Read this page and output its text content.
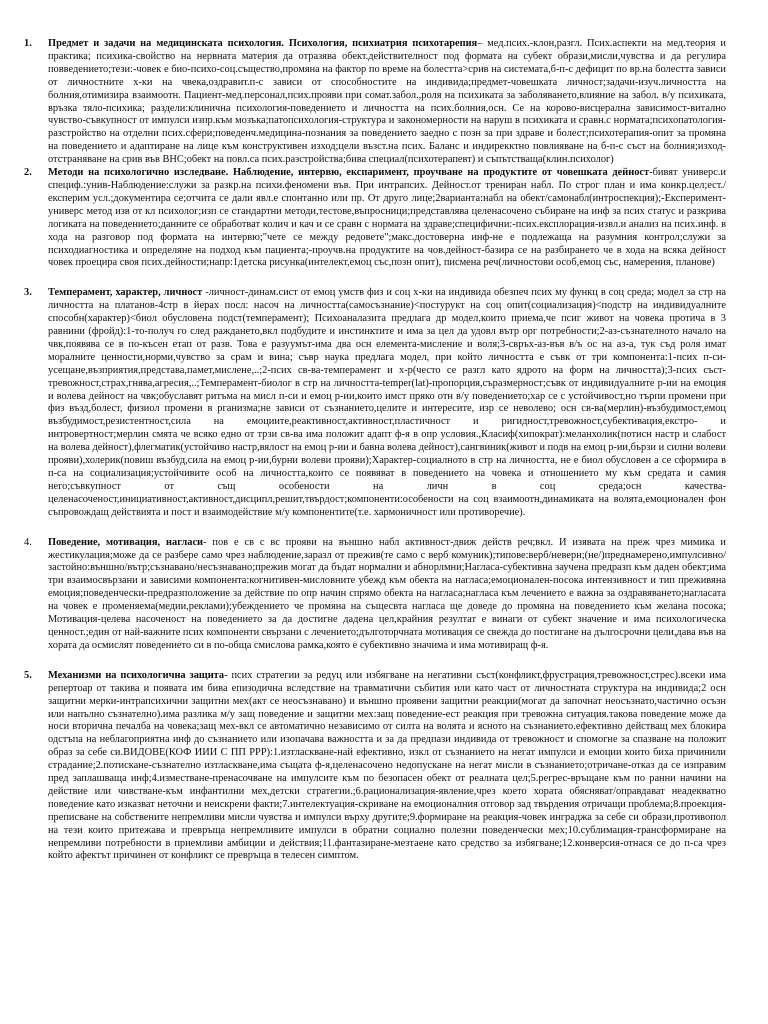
1.	Предмет и задачи на медицинската психология. Психология, психиатрия психотарепия– мед.псих.-клон,разгл. Псих.аспекти на мед.теория и практика; психика-свойство на нервната материя да отразява обект.действителност под формата на субект образи,мисли,чувства и да регулира повведението;тези:-човек е био-психо-соц.същество,промяна на фактор по време на болестта>срив на системата,б-п-с дефицит по вр.на болестта зависи от личностните х-ки на чвека,оздравит.п-с зависи от способностите на индивида;предмет-човешката личност;задачи-изуч.личността на болния,отимизира взаимоотн. Пациент-мед.персонал,псих.прояви при сомат.забол.,роля на психиката за заболяването,влияние на забол. в/у психиката, връзка тяло-психика; раздели:клинична психология-поведението и личността на псих.болния,осн. Се на корово-висцерална зависимост-витално чувство-съвкупност от импулси изпр.към мозъка;патопсихология-структура и закономерности на наруш в психиката и сравн.с нормата;психопатология-разстройство на отделни псих.сфери;поведенч.медицина-познания за поведението заедно с позн за при здраве и болест;психотерапия-опит за промяна на поведението и адаптиране на лице към конструктивен изход;цели възст.на псих. Баланс и индирекктно повлияване на б-п-с съст на болния;изход-отстраняване на срив във ВНС;обект на повл.са псих.разстройства;бива специал(психотерапевт) и съпътстваща(клин.психолог)
2.	Методи на психологично изследване. Наблюдение, интервю, експаримент, проучване на продуктите от човешката дейност-бивят универс.и специф.:унив-Наблюдение:служи за разкр.на психи.феномени във. При интрапсих. Дейност.от трениран набл. По строг план и има конкр.цел;ест./експерим усл.;документира се;отчита се дали явл.е спонтанно или пр. От друго лице;2варианта:набл на обект/самонабл(интроспекция);-Експеримент-универс метод изв от кл психолог;изп се стандартни методи,тестове,въпросници;представлява целенасочено събиране на инф за псих статус и разкрива логиката на поведението;данните се обработват колич и кач и се сравн с нормата на здраве;специфични:-псих.експлорация-извл.и анализ на псих.инф. в хода на разговор под формата на интервю;"чете се между редовете";макс.достоверна инф-не е подлежаща на разумния контрол;служи за психодиагностика и определяне на подход към пациента;-проучв.на продуктите на чов.дейност-базира се на разбирането че в хода на всяка дейност човек проецира своя псих.дейности;напр:1детска рисунка(интелект,емоц със,позн опит), писмена реч(личностови особ,емоц със, намерения, планове)
3.	Темперамент, характер, личност -личност-динам.сист от емоц умств физ и соц х-ки на индивида обезпеч псих му функц в соц среда; модел за стр на личността на платанов-4стр в йерах посл: насоч на личността(самосъзнание)<постурукт на соц опит(социализация)<подстр на индивидуалните способн(характер)<биол обусловена подст(темперамент); Психоаналазита предлага др модел,които приема,че псиг живот на човека протича в 3 равнини (фройд):1-то-получ го след раждането,вкл подбудите и инстинктите и има за цел да удовл вътр орг потребности;2-аз-съзнателното начало на чвк,появява се в по-късен етап от разв. Това е разуумът-има два осн елемента-мисление и воля;3-свръх-аз-във в/ъ ос на аз-а, тук съд роля имат моралните ценности,норми,чувство за срам и вина; съвр наука предлага модел, при който личността е съвк от три компонента:1-псих п-си-усещане,възприятия,представа,памет,мислене,..;2-псих св-ва-темперамент и х-р(често се разгл като ядрото на форм на личността);3-псих съст-тревожност,страх,гнява,агресия,..;Темперамент-биолог в стр на личността-temper(lat)-пропорция,съразмерност;съвк от индивидуалните р-ии на емоция и волева дейност на чвк;обуславят ритъма на мисл п-си и емоц р-ии,които имст пряко отн в/у поведението;хар се с устойчивост,но търпи промени при физ възд,болест, физиол промени в рганизма;не зависи от съзнанието,целите и интересите, изр се неволево; осн св-ва(мерлин)-възбудимост,емоц възбудимост,резистентност,сила на емоциите,реактивност,активност,пластичност и ригидност,тревожност,субективация,екстро- и интровертност;мерлин смята че всяко едно от трзи св-ва има положит адапт ф-я в опр условия.,Класиф(хипократ):меланхолик(потисн настр и слабост на волева дейност),флегматик(устойчиво настр,вялост на емоц р-ии и бавна волева дейност),сангвиник(живот и подв на емоц р-ии,бързи и силни волеви прояви),холерик(повиш възбуд,сила на емоц р-ии,бурни волеви прояви);Характер-социалното в стр на личността, не е биол обусловен а се сформира в п-са на социализация;устойчивите особ на личността,които се появяват в поведението на човека и отношението му към средата и самия него;съвкупност от същ особености на личн в соц среда;осн качества-целенасоченост,инициативност,активност,дисципл,решит,твърдост;компоненти:особености на соц взаимоотн,динамиката на волята,емоционален фон съпровождащ действията и пост и взаимодействие м/у компонентите(т.е. хармоничност или противоречие).
4.	Поведение, мотивация, нагласи- пов е св с вс прояви на външно набл активност-движ действ реч;вкл. И изявата на преж чрез мимика и жестикулация;може да се разбере само чрез наблюдение,заразл от прежив(те само с верб комуник);типове:верб/неверн;(не/)преднамерено,импулсивно/застойно:външно/вътр;съзнавано/несъзнавано;прежив могат да бъдат нормални и абнорлмни;Нагласа-субективна заучена предразп към даден обект;има три взаимосвързани и зависими компонента:когнитивен-мисловните убежд към обекта на нагласа;емоционален-посока интензивност и тип преживяна емоция;поведенчески-предразположение за действие по опр начин спрямо обекта на нагласа;нагласа към лечението е важна за оздравяването;нагласата на човек е променяема(медии,реклами);убеждението че промяна на същесвта нагласа ще доведе до промяна на поведението към желана посока; Мотивация-целева насоченост на поведението за да достигне дадена цел,крайния резултат е винаги от субект значение и има психологическа ценност.;един от най-важните псих компоненти свързани с лечението;дълготорчната мотивация се свежда до постигане на дългосрочни цели,дава във на хората да осмислят поведението си в по-обща смислова рамка,която е субективно значима и има мотивиращ ф-я.
5.	Механизми на психологична защита- псих стратегии за редуц или избягване на негативни съст(конфликт,фрустрация,тревожност,стрес).всеки има репертоар от такива и появата им бива епизодична вследствие на травматични събития или като част от личностната структура на индивида;2 осн защитни мерки-интрапсихични защитни мех(акт се неосъзнавано) и външно проявени защитни реакции(могат да започнат неосъзнато,частично осъзн или напълно съзнателно).има разлика м/у защ поведение и защитни мех:защ поведение-ест реакция при тревожна ситуация.такова поведение може да носи вторична печалба на човека;защ мех-вкл се автоматично независимо от силта на волята и ясното на съзнанието.ефективно действащ мех блокира одстъпа на неблагоприятна инф до съзнанието или изопачава важността и за да предпази индивида от тревожност и спомогне за спазване на положит образ за себе си.ВИДОВЕ(КОФ ИИИ С ПП РРР):1.изтласкване-най ефективно, изкл от съзнанието на негат импулси и емоции които биха причинили страдание;2.потискане-съзнателно изтласкване,има същата ф-я,целенасочено недопускане на негат мисли в съзнанието;отричане-отказ да се изправим пред заплашваща инф;4.изместване-пренасочване на импулсите към по безопасен обект от реалната цел;5.регрес-връщане към по ранни начини на действие или чивстване-към инфантилни мех,детски стратегии.;6.рационализация-явление,чрез което хората обясняват/оправдават неадекватно поведение като изказват неточни и неискрени факти;7.интелектуация-скриване на емоционалния отговор зад твърдения отричащи проблема;8.проекция-преписване на собствените непремливи мисли чувства и импулси върху другите;9.формиране на реакция-човек инграджа за себе си образи,противопол на тези които притежава и превръща непремливите импулси в обратни социално полезни поведенчески мех;10.сублимация-трансформиране на непремливи потребности в приемливи амбиции и действия;11.фантазиране-мезтаене като средство за избягване;12.конверсия-отнася се до п-са чрез който афектът причинен от конфликт се превръща в телесен симптом.
